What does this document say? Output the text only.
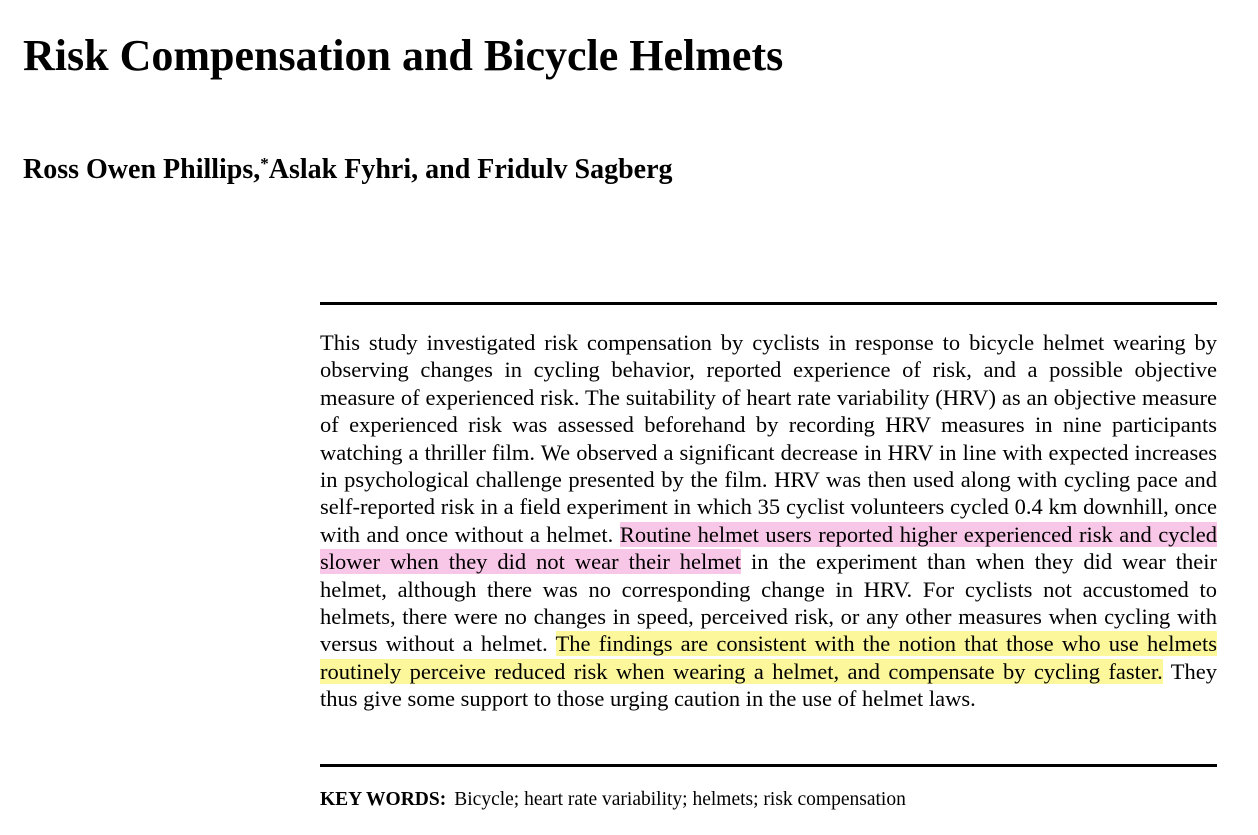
Risk Compensation and Bicycle Helmets
Ross Owen Phillips,*Aslak Fyhri, and Fridulv Sagberg

This study investigated risk compensation by cyclists in response to bicycle helmet wearing by observing changes in cycling behavior, reported experience of risk, and a possible objective measure of experienced risk. The suitability of heart rate variability (HRV) as an objective measure of experienced risk was assessed beforehand by recording HRV measures in nine participants watching a thriller film. We observed a significant decrease in HRV in line with expected increases in psychological challenge presented by the film. HRV was then used along with cycling pace and self-reported risk in a field experiment in which 35 cyclist volunteers cycled 0.4 km downhill, once with and once without a helmet. Routine helmet users reported higher experienced risk and cycled slower when they did not wear their helmet in the experiment than when they did wear their helmet, although there was no corresponding change in HRV. For cyclists not accustomed to helmets, there were no changes in speed, perceived risk, or any other measures when cycling with versus without a helmet. The findings are consistent with the notion that those who use helmets routinely perceive reduced risk when wearing a helmet, and compensate by cycling faster. They thus give some support to those urging caution in the use of helmet laws.

KEY WORDS: Bicycle; heart rate variability; helmets; risk compensation
